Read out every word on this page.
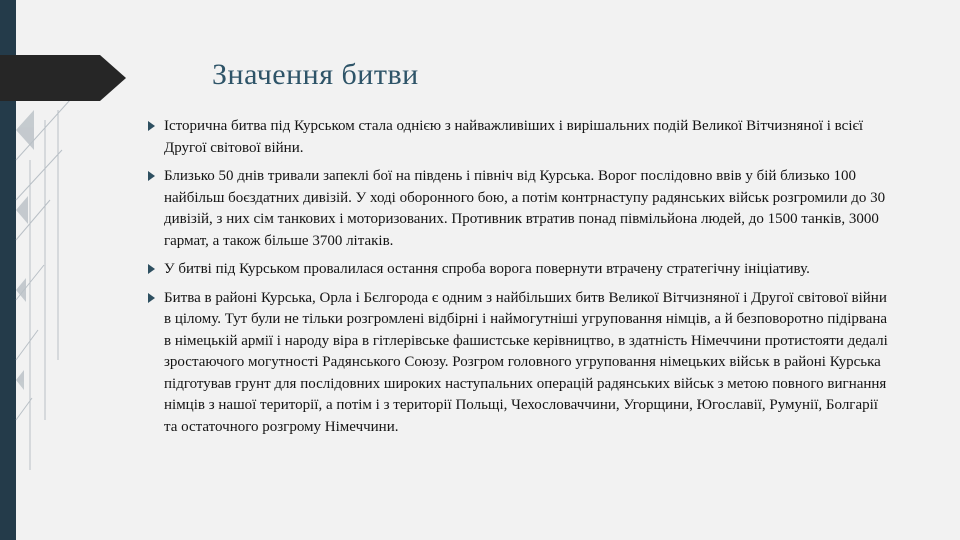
Значення битви
Історична битва під Курськом стала однією з найважливіших і вирішальних подій Великої Вітчизняної і всієї Другої світової війни.
Близько 50 днів тривали запеклі бої на південь і північ від Курська. Ворог послідовно ввів у бій близько 100 найбільш боєздатних дивізій. У ході оборонного бою, а потім контрнаступу радянських військ розгромили до 30 дивізій, з них сім танкових і моторизованих. Противник втратив понад півмільйона людей, до 1500 танків, 3000 гармат, а також більше 3700 літаків.
У битві під Курськом провалилася остання спроба ворога повернути втрачену стратегічну ініціативу.
Битва в районі Курська, Орла і Бєлгорода є одним з найбільших битв Великої Вітчизняної і Другої світової війни в цілому. Тут були не тільки розгромлені відбірні і наймогутніші угруповання німців, а й безповоротно підірвана в німецькій армії і народу віра в гітлерівське фашистське керівництво, в здатність Німеччини протистояти дедалі зростаючого могутності Радянського Союзу. Розгром головного угруповання німецьких військ в районі Курська підготував грунт для послідовних широких наступальних операцій радянських військ з метою повного вигнання німців з нашої території, а потім і з території Польщі, Чехословаччини, Угорщини, Югославії, Румунії, Болгарії та остаточного розгрому Німеччини.
